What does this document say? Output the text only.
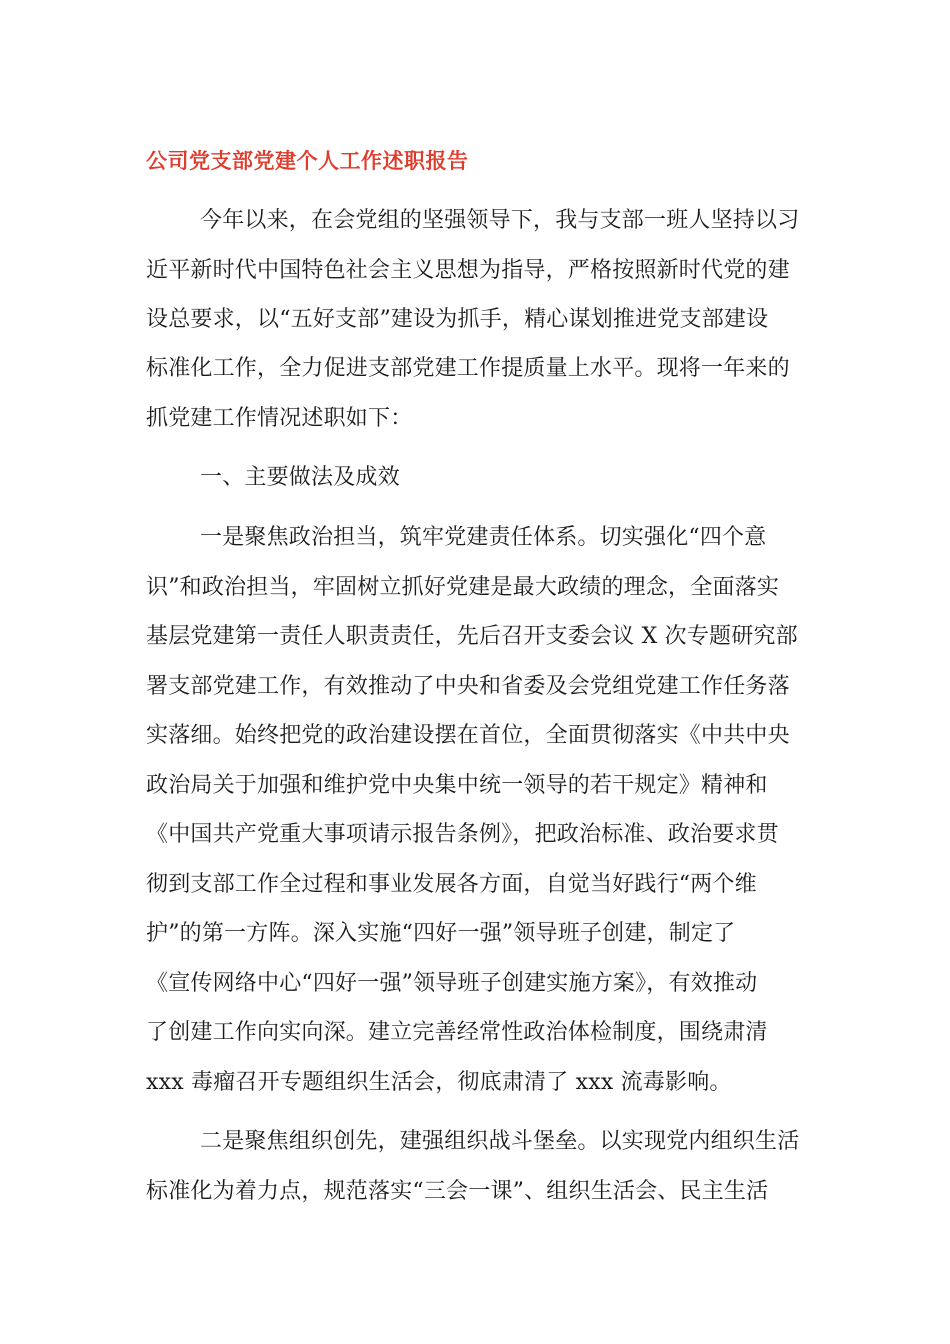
公司党支部党建个人工作述职报告
今年以来，在会党组的坚强领导下，我与支部一班人坚持以习
近平新时代中国特色社会主义思想为指导，严格按照新时代党的建
设总要求，以“五好支部”建设为抓手，精心谋划推进党支部建设
标准化工作，全力促进支部党建工作提质量上水平。现将一年来的
抓党建工作情况述职如下：
一、主要做法及成效
一是聚焦政治担当，筑牢党建责任体系。切实强化“四个意
识”和政治担当，牢固树立抓好党建是最大政绩的理念，全面落实
基层党建第一责任人职责责任，先后召开支委会议 X 次专题研究部
署支部党建工作，有效推动了中央和省委及会党组党建工作任务落
实落细。始终把党的政治建设摆在首位，全面贯彻落实《中共中央
政治局关于加强和维护党中央集中统一领导的若干规定》精神和
《中国共产党重大事项请示报告条例》，把政治标准、政治要求贯
彻到支部工作全过程和事业发展各方面，自觉当好践行“两个维
护”的第一方阵。深入实施“四好一强”领导班子创建，制定了
《宣传网络中心“四好一强”领导班子创建实施方案》，有效推动
了创建工作向实向深。建立完善经常性政治体检制度，围绕肃清
xxx 毒瘤召开专题组织生活会，彻底肃清了 xxx 流毒影响。
二是聚焦组织创先，建强组织战斗堡垒。以实现党内组织生活
标准化为着力点，规范落实“三会一课”、组织生活会、民主生活
